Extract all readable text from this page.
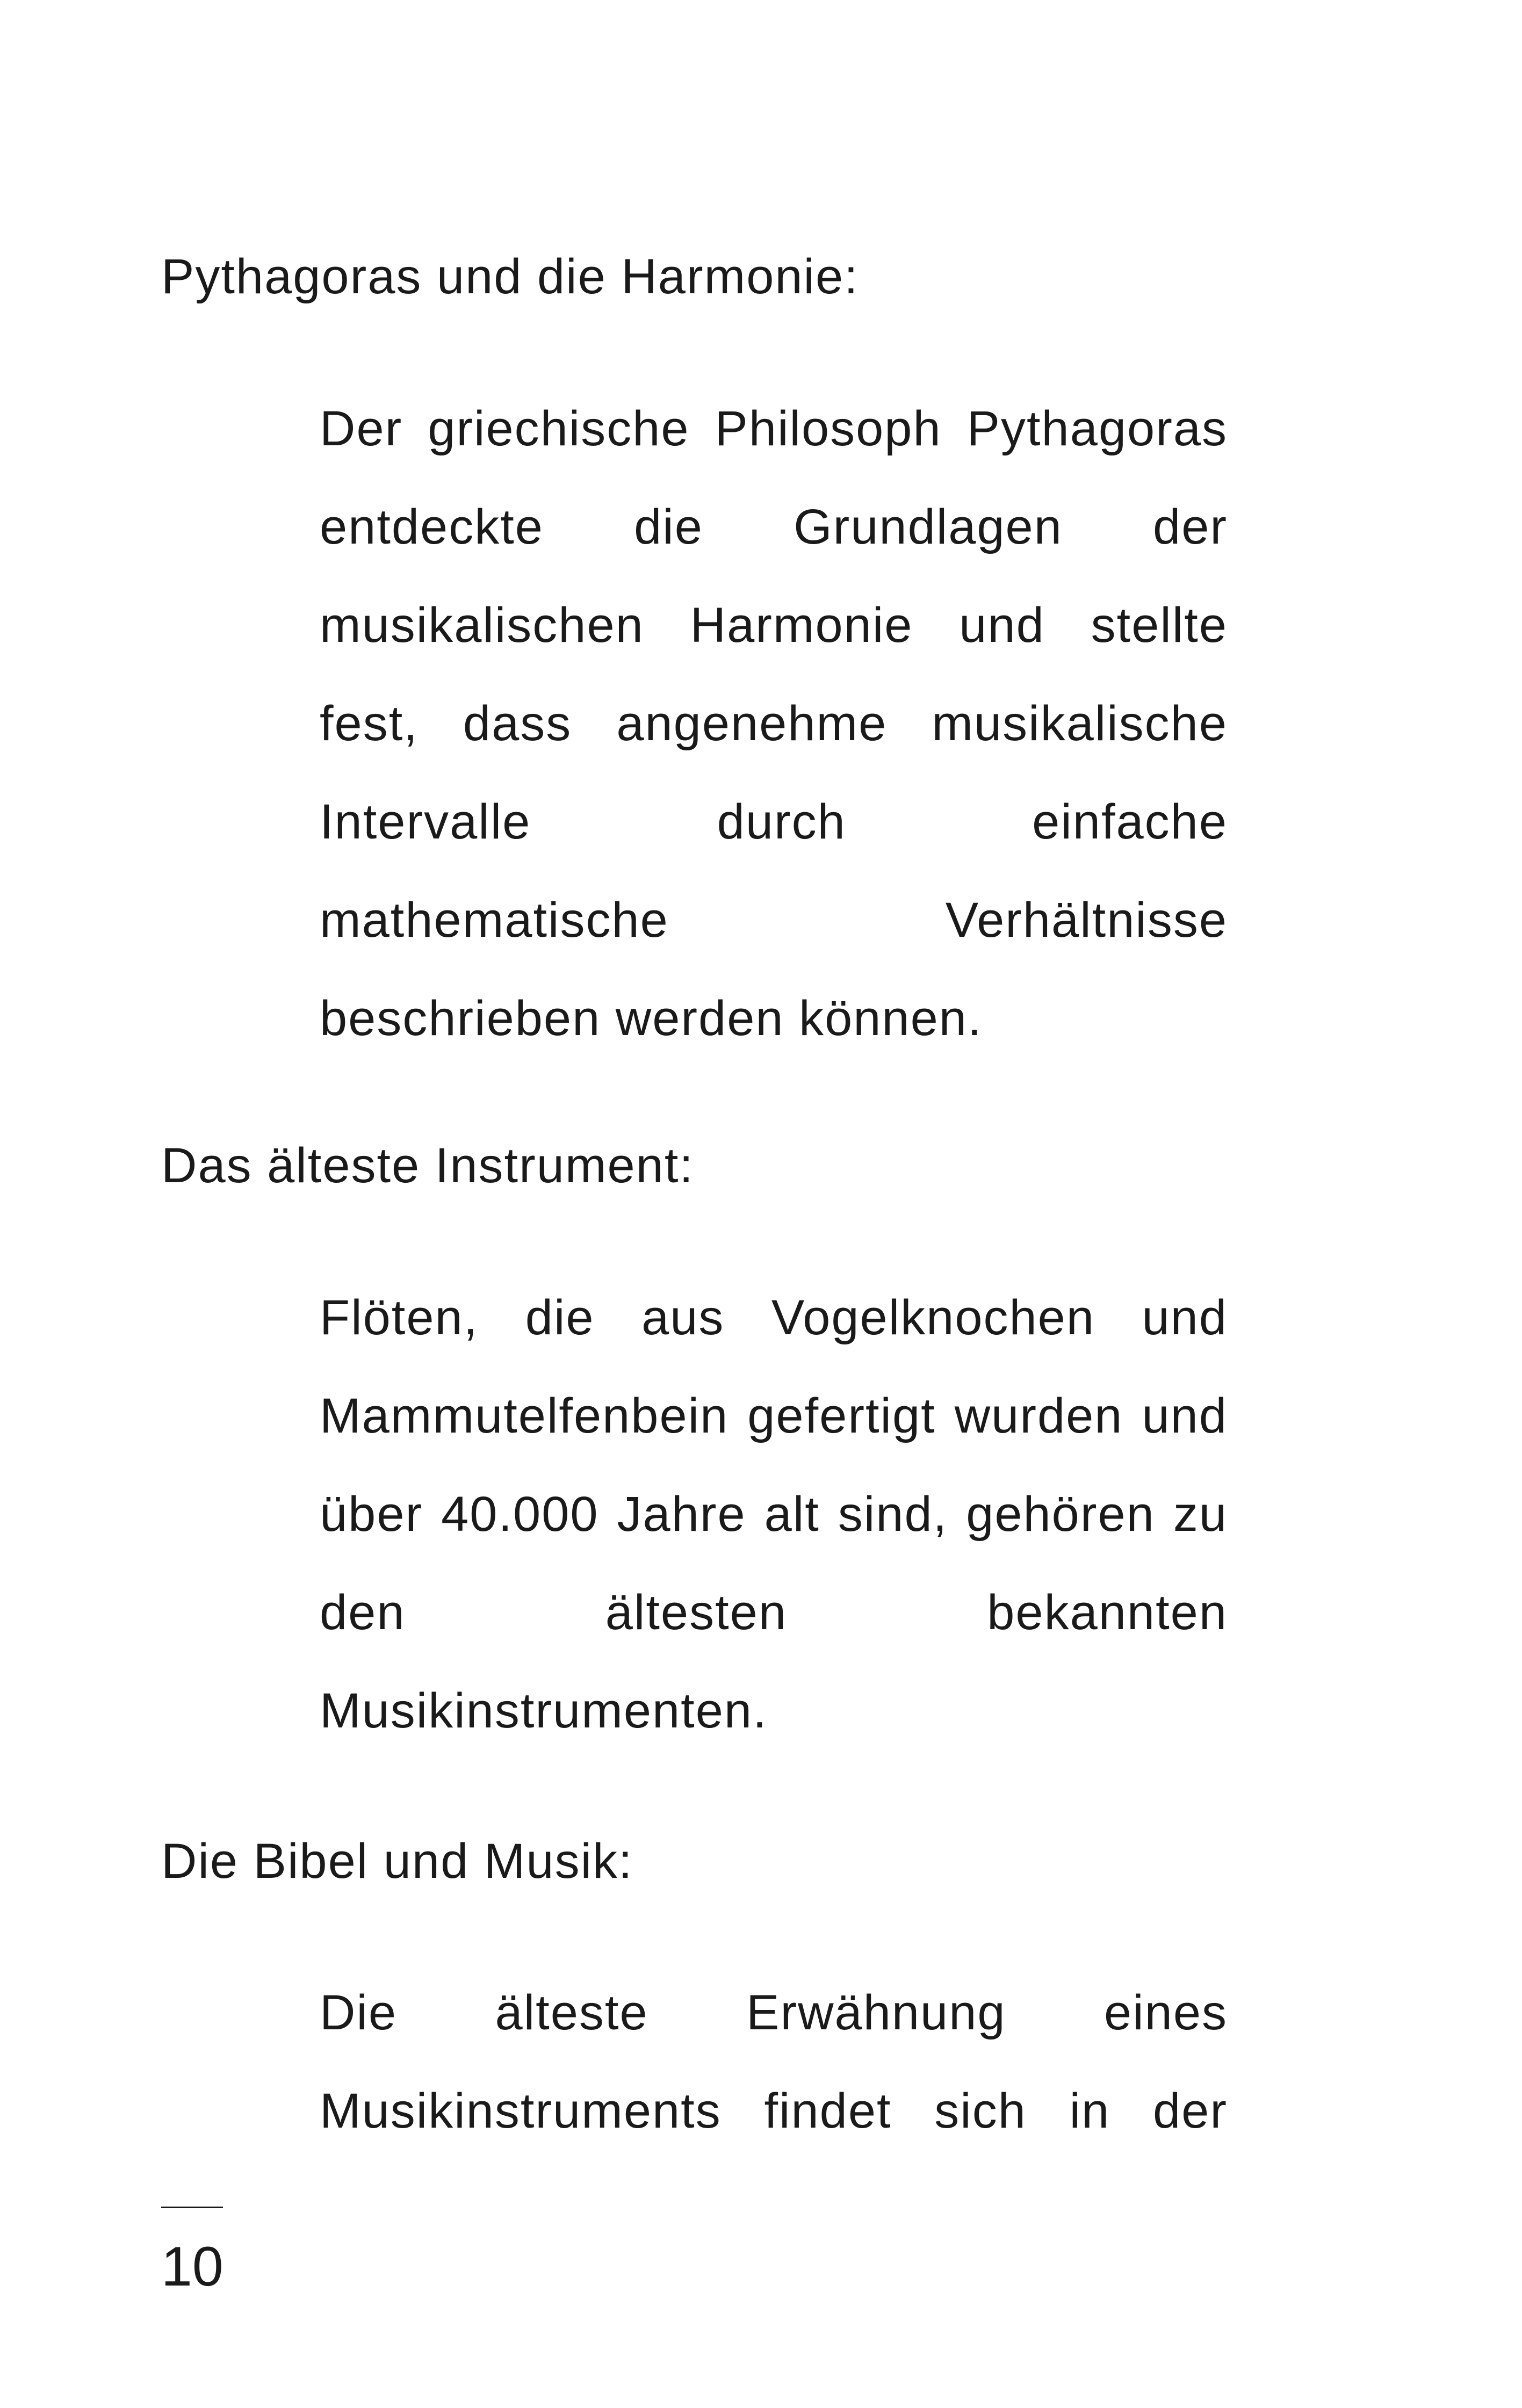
Pythagoras und die Harmonie:
Der griechische Philosoph Pythagoras entdeckte die Grundlagen der musikalischen Harmonie und stellte fest, dass angenehme musikalische Intervalle durch einfache mathematische Verhältnisse beschrieben werden können.
Das älteste Instrument:
Flöten, die aus Vogelknochen und Mammutelfenbein gefertigt wurden und über 40.000 Jahre alt sind, gehören zu den ältesten bekannten Musikinstrumenten.
Die Bibel und Musik:
Die älteste Erwähnung eines Musikinstruments findet sich in der
10
